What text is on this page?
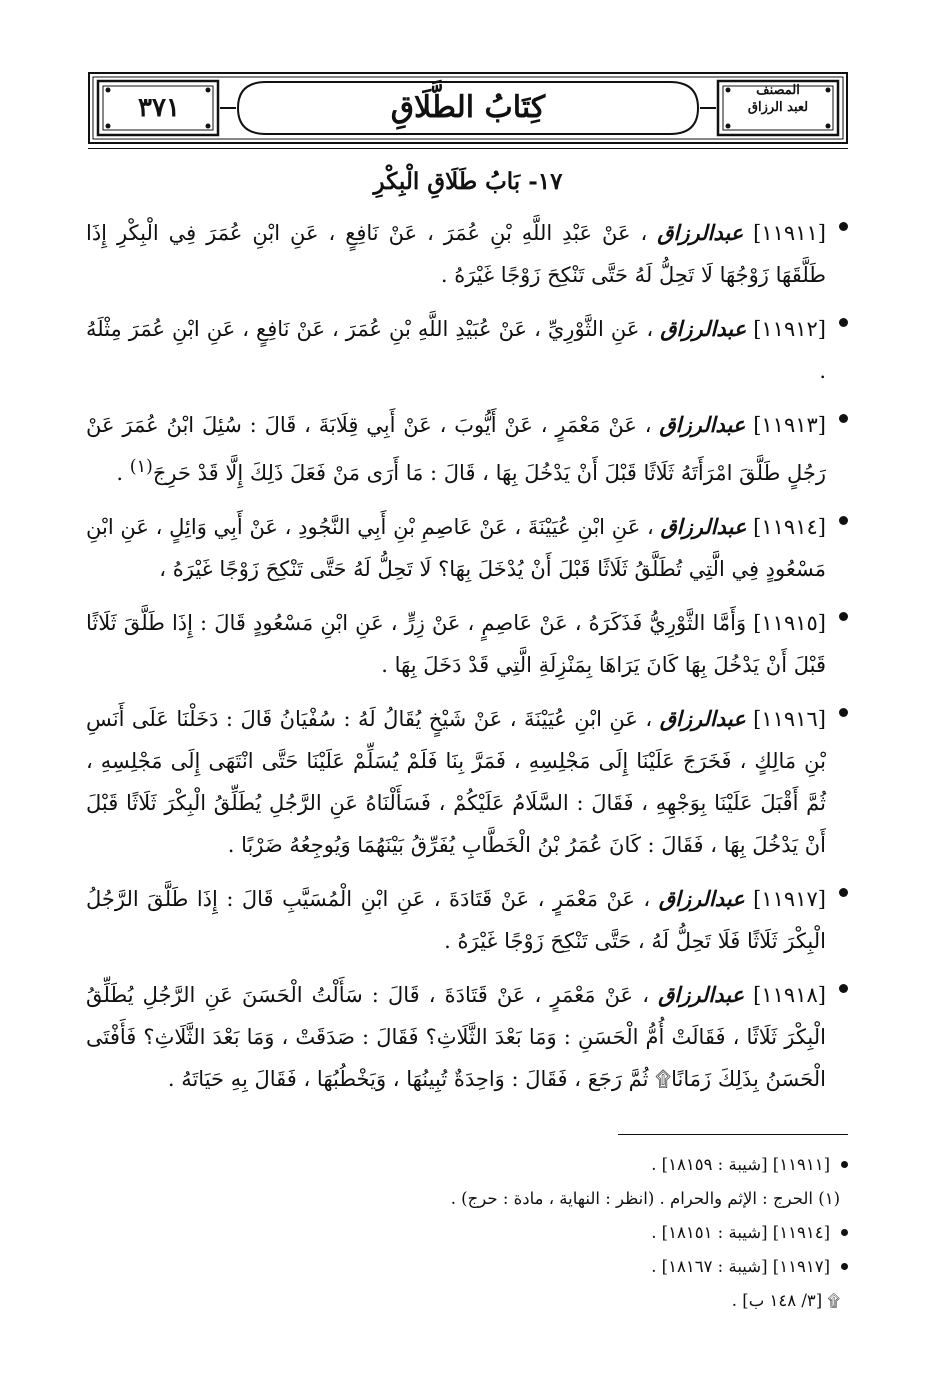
٣٧١	كِتَابُ الطَّلَاقِ	المصنف
لعبد الرزاق
١٧- بَابُ طَلَاقِ الْبِكْرِ
[١١٩١١] عبدالرزاق ، عَنْ عَبْدِ اللَّهِ بْنِ عُمَرَ ، عَنْ نَافِعٍ ، عَنِ ابْنِ عُمَرَ فِي الْبِكْرِ إِذَا طَلَّقَهَا زَوْجُهَا لَا تَحِلُّ لَهُ حَتَّى تَنْكِحَ زَوْجًا غَيْرَهُ .
[١١٩١٢] عبدالرزاق ، عَنِ الثَّوْرِيِّ ، عَنْ عُبَيْدِ اللَّهِ بْنِ عُمَرَ ، عَنْ نَافِعٍ ، عَنِ ابْنِ عُمَرَ مِثْلَهُ .
[١١٩١٣] عبدالرزاق ، عَنْ مَعْمَرٍ ، عَنْ أَيُّوبَ ، عَنْ أَبِي قِلَابَةَ ، قَالَ : سُئِلَ ابْنُ عُمَرَ عَنْ رَجُلٍ طَلَّقَ امْرَأَتَهُ ثَلَاثًا قَبْلَ أَنْ يَدْخُلَ بِهَا ، قَالَ : مَا أَرَى مَنْ فَعَلَ ذَلِكَ إِلَّا قَدْ حَرِجَ$^{(١)}$ .
[١١٩١٤] عبدالرزاق ، عَنِ ابْنِ عُيَيْنَةَ ، عَنْ عَاصِمِ بْنِ أَبِي النَّجُودِ ، عَنْ أَبِي وَائِلٍ ، عَنِ ابْنِ مَسْعُودٍ فِي الَّتِي تُطَلَّقُ ثَلَاثًا قَبْلَ أَنْ يُدْخَلَ بِهَا؟ لَا تَحِلُّ لَهُ حَتَّى تَنْكِحَ زَوْجًا غَيْرَهُ ،
[١١٩١٥] وَأَمَّا الثَّوْرِيُّ فَذَكَرَهُ ، عَنْ عَاصِمٍ ، عَنْ زِرٍّ ، عَنِ ابْنِ مَسْعُودٍ قَالَ : إِذَا طَلَّقَ ثَلَاثًا قَبْلَ أَنْ يَدْخُلَ بِهَا كَانَ يَرَاهَا بِمَنْزِلَةِ الَّتِي قَدْ دَخَلَ بِهَا .
[١١٩١٦] عبدالرزاق ، عَنِ ابْنِ عُيَيْنَةَ ، عَنْ شَيْخٍ يُقَالُ لَهُ : سُفْيَانُ قَالَ : دَخَلْنَا عَلَى أَنَسِ بْنِ مَالِكٍ ، فَخَرَجَ عَلَيْنَا إِلَى مَجْلِسِهِ ، فَمَرَّ بِنَا فَلَمْ يُسَلِّمْ عَلَيْنَا حَتَّى انْتَهَى إِلَى مَجْلِسِهِ ، ثُمَّ أَقْبَلَ عَلَيْنَا بِوَجْهِهِ ، فَقَالَ : السَّلَامُ عَلَيْكُمْ ، فَسَأَلْنَاهُ عَنِ الرَّجُلِ يُطَلِّقُ الْبِكْرَ ثَلَاثًا قَبْلَ أَنْ يَدْخُلَ بِهَا ، فَقَالَ : كَانَ عُمَرُ بْنُ الْخَطَّابِ يُفَرِّقُ بَيْنَهُمَا وَيُوجِعُهُ ضَرْبًا .
[١١٩١٧] عبدالرزاق ، عَنْ مَعْمَرٍ ، عَنْ قَتَادَةَ ، عَنِ ابْنِ الْمُسَيَّبِ قَالَ : إِذَا طَلَّقَ الرَّجُلُ الْبِكْرَ ثَلَاثًا فَلَا تَحِلُّ لَهُ ، حَتَّى تَنْكِحَ زَوْجًا غَيْرَهُ .
[١١٩١٨] عبدالرزاق ، عَنْ مَعْمَرٍ ، عَنْ قَتَادَةَ ، قَالَ : سَأَلْتُ الْحَسَنَ عَنِ الرَّجُلِ يُطَلِّقُ الْبِكْرَ ثَلَاثًا ، فَقَالَتْ أُمُّ الْحَسَنِ : وَمَا بَعْدَ الثَّلَاثِ؟ فَقَالَ : صَدَقَتْ ، وَمَا بَعْدَ الثَّلَاثِ؟ فَأَفْتَى الْحَسَنُ بِذَلِكَ زَمَانًا۩ ثُمَّ رَجَعَ ، فَقَالَ : وَاحِدَةٌ تُبِينُهَا ، وَيَخْطُبُهَا ، فَقَالَ بِهِ حَيَاتَهُ .
[١١٩١١] [شيبة : ١٨١٥٩] .
(١) الحرج : الإثم والحرام . (انظر : النهاية ، مادة : حرج) .
[١١٩١٤] [شيبة : ١٨١٥١] .
[١١٩١٧] [شيبة : ١٨١٦٧] .
۩ [٣/ ١٤٨ ب] .
